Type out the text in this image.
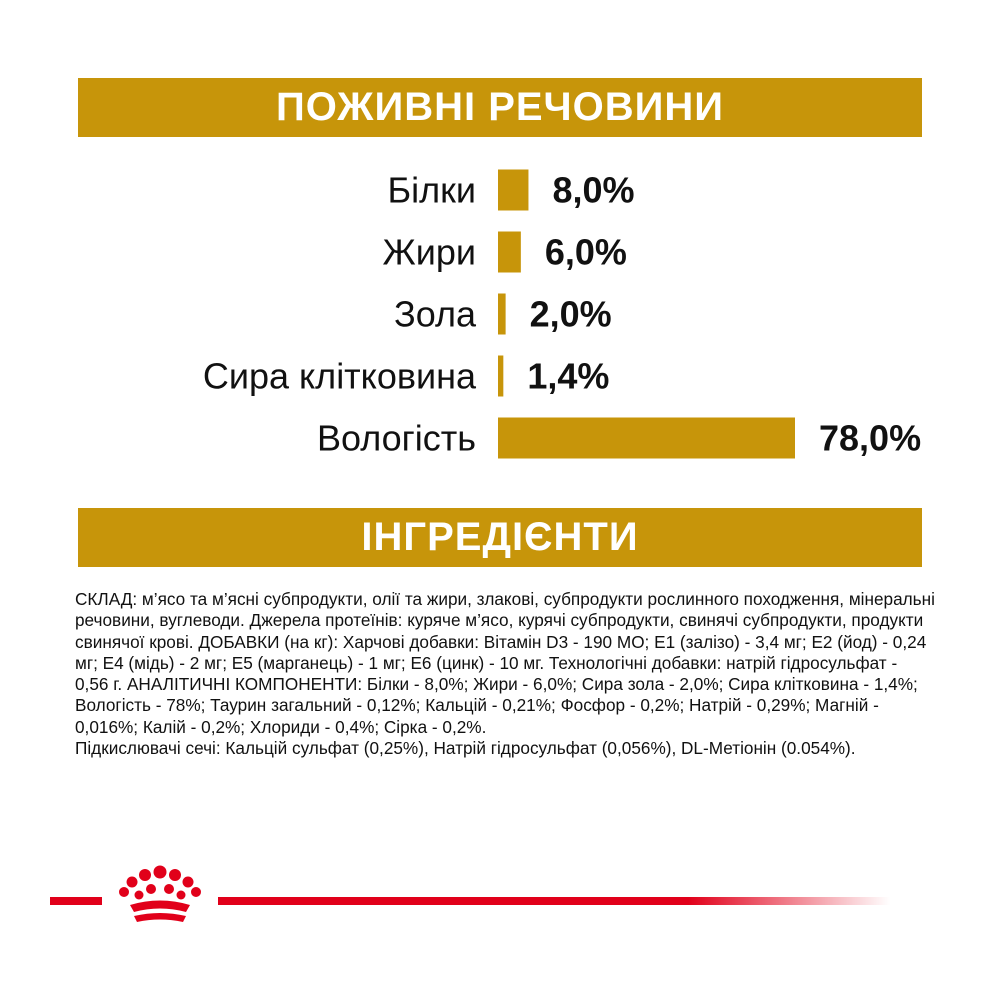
ПОЖИВНІ РЕЧОВИНИ
Білки 8,0%
Жири 6,0%
Зола 2,0%
Сира клітковина 1,4%
Вологість	78,0%
ІНГРЕДІЄНТИ

СКЛАД: м’ясо та м’ясні субпродукти, олії та жири, злакові, субпродукти рослинного походження, мінеральні речовини, вуглеводи. Джерела протеїнів: куряче м’ясо, курячі субпродукти, свинячі субпродукти, продукти свинячої крові. ДОБАВКИ (на кг): Харчові добавки: Вітамін D3 - 190 МО; Е1 (залізо) - 3,4 мг; Е2 (йод) - 0,24 мг; Е4 (мідь) - 2 мг; Е5 (марганець) - 1 мг; Е6 (цинк) - 10 мг. Технологічні добавки: натрій гідросульфат - 0,56 г. АНАЛІТИЧНІ КОМПОНЕНТИ: Білки - 8,0%; Жири - 6,0%; Сира зола - 2,0%; Сира клітковина - 1,4%; Вологість - 78%; Таурин загальний - 0,12%; Кальцій - 0,21%; Фосфор - 0,2%; Натрій - 0,29%; Магній - 0,016%; Калій - 0,2%; Хлориди - 0,4%; Сірка - 0,2%.

Підкислювачі сечі: Кальцій сульфат (0,25%), Натрій гідросульфат (0,056%), DL-Метіонін (0.054%).
